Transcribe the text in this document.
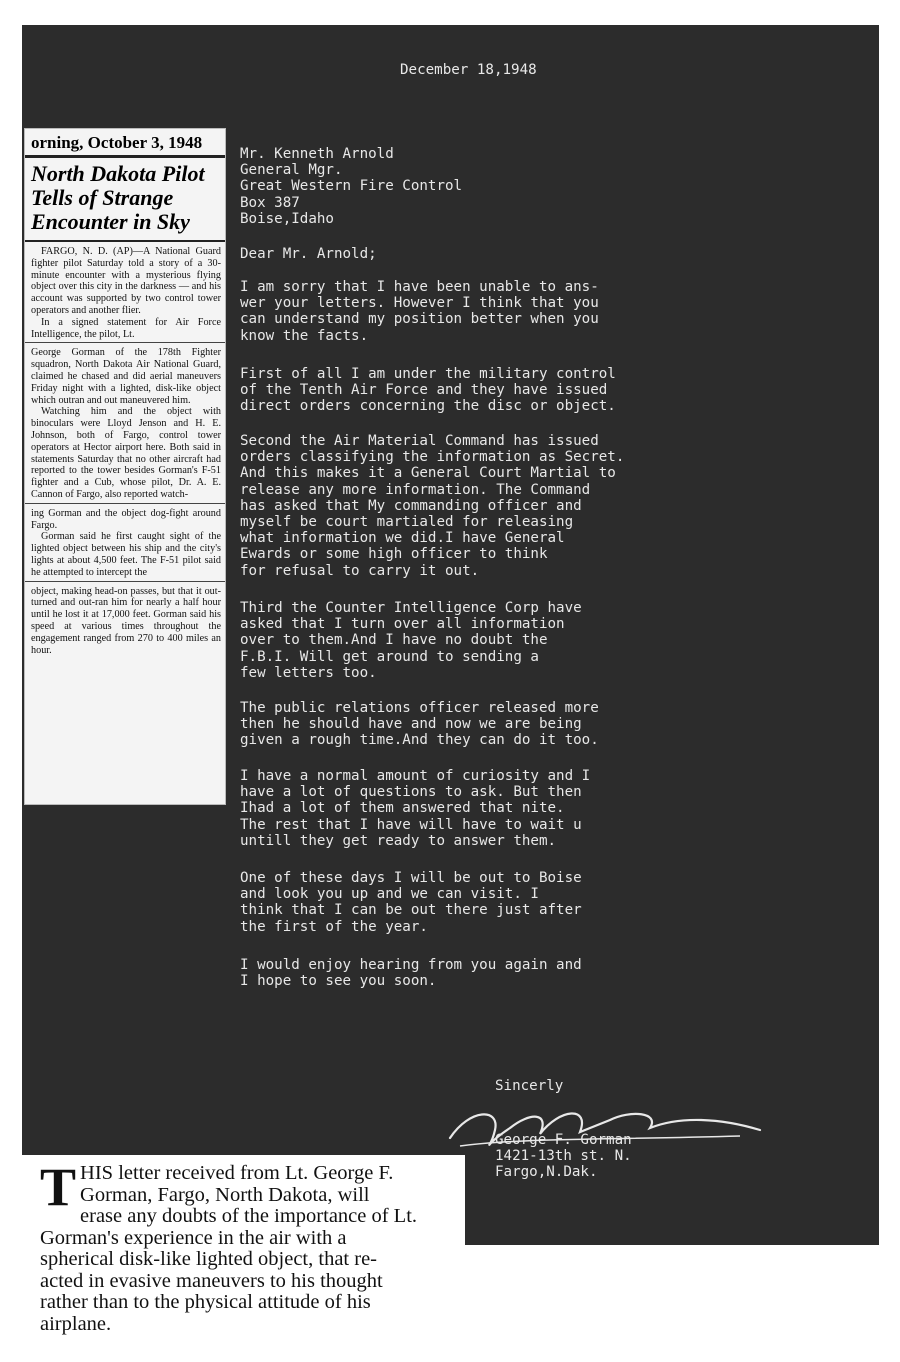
December 18,1948
Mr. Kenneth Arnold
General Mgr.
Great Western Fire Control
Box 387
Boise,Idaho
Dear Mr. Arnold;
I am sorry that I have been unable to ans-
wer your letters. However I think that you
can understand my position better when you
know the facts.
First of all I am under the military control
of the Tenth Air Force and they have issued
direct orders concerning the disc or object.
Second the Air Material Command has issued
orders classifying the information as Secret.
And this makes it a General Court Martial to
release any more information. The Command
has asked that My commanding officer and
myself be court martialed for releasing
what information we did.I have General
Ewards or some high officer to think
for refusal to carry it out.
Third the Counter Intelligence Corp have
asked that I turn over all information
over to them.And I have no doubt the
F.B.I. Will get around to sending a
few letters too.
The public relations officer released more
then he should have and now we are being
given a rough time.And they can do it too.
I have a normal amount of curiosity and I
have a lot of questions to ask. But then
Ihad a lot of them answered that nite.
The rest that I have will have to wait u
untill they get ready to answer them.
One of these days I will be out to Boise
and look you up and we can visit. I
think that I can be out there just after
the first of the year.
I would enjoy hearing from you again and
I hope to see you soon.
Sincerly
George F. Gorman
1421-13th st. N.
Fargo,N.Dak.
orning, October 3, 1948
North Dakota Pilot
Tells of Strange
Encounter in Sky

FARGO, N. D. (AP)—A National Guard fighter pilot Saturday told a story of a 30-minute encounter with a mysterious flying object over this city in the darkness — and his account was supported by two control tower operators and another flier.

In a signed statement for Air Force Intelligence, the pilot, Lt.

George Gorman of the 178th Fighter squadron, North Dakota Air National Guard, claimed he chased and did aerial maneuvers Friday night with a lighted, disk-like object which outran and out maneuvered him.

Watching him and the object with binoculars were Lloyd Jenson and H. E. Johnson, both of Fargo, control tower operators at Hector airport here. Both said in statements Saturday that no other aircraft had reported to the tower besides Gorman's F-51 fighter and a Cub, whose pilot, Dr. A. E. Cannon of Fargo, also reported watch-

ing Gorman and the object dog-fight around Fargo.

Gorman said he first caught sight of the lighted object between his ship and the city's lights at about 4,500 feet. The F-51 pilot said he attempted to intercept the

object, making head-on passes, but that it out-turned and out-ran him for nearly a half hour until he lost it at 17,000 feet. Gorman said his speed at various times throughout the engagement ranged from 270 to 400 miles an hour.

T HIS letter received from Lt. George F.
Gorman, Fargo, North Dakota, will
erase any doubts of the importance of Lt.
Gorman's experience in the air with a
spherical disk-like lighted object, that re-
acted in evasive maneuvers to his thought
rather than to the physical attitude of his
airplane.
